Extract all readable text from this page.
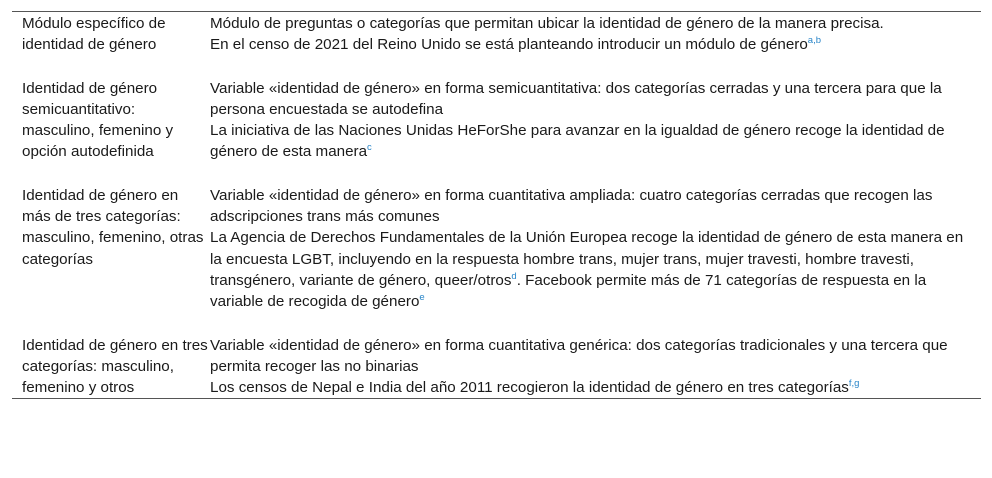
Módulo específico de identidad de género

Módulo de preguntas o categorías que permitan ubicar la identidad de género de la manera precisa.

En el censo de 2021 del Reino Unido se está planteando introducir un módulo de género$^{a,b}$

Identidad de género semicuantitativo: masculino, femenino y opción autodefinida

Variable «identidad de género» en forma semicuantitativa: dos categorías cerradas y una tercera para que la persona encuestada se autodefina

La iniciativa de las Naciones Unidas HeForShe para avanzar en la igualdad de género recoge la identidad de género de esta manera$^c$

Identidad de género en más de tres categorías: masculino, femenino, otras categorías

Variable «identidad de género» en forma cuantitativa ampliada: cuatro categorías cerradas que recogen las adscripciones trans más comunes

La Agencia de Derechos Fundamentales de la Unión Europea recoge la identidad de género de esta manera en la encuesta LGBT, incluyendo en la respuesta hombre trans, mujer trans, mujer travesti, hombre travesti, transgénero, variante de género, queer/otros$^d$. Facebook permite más de 71 categorías de respuesta en la variable de recogida de género$^e$

Identidad de género en tres categorías: masculino, femenino y otros

Variable «identidad de género» en forma cuantitativa genérica: dos categorías tradicionales y una tercera que permita recoger las no binarias

Los censos de Nepal e India del año 2011 recogieron la identidad de género en tres categorías$^{f,g}$
